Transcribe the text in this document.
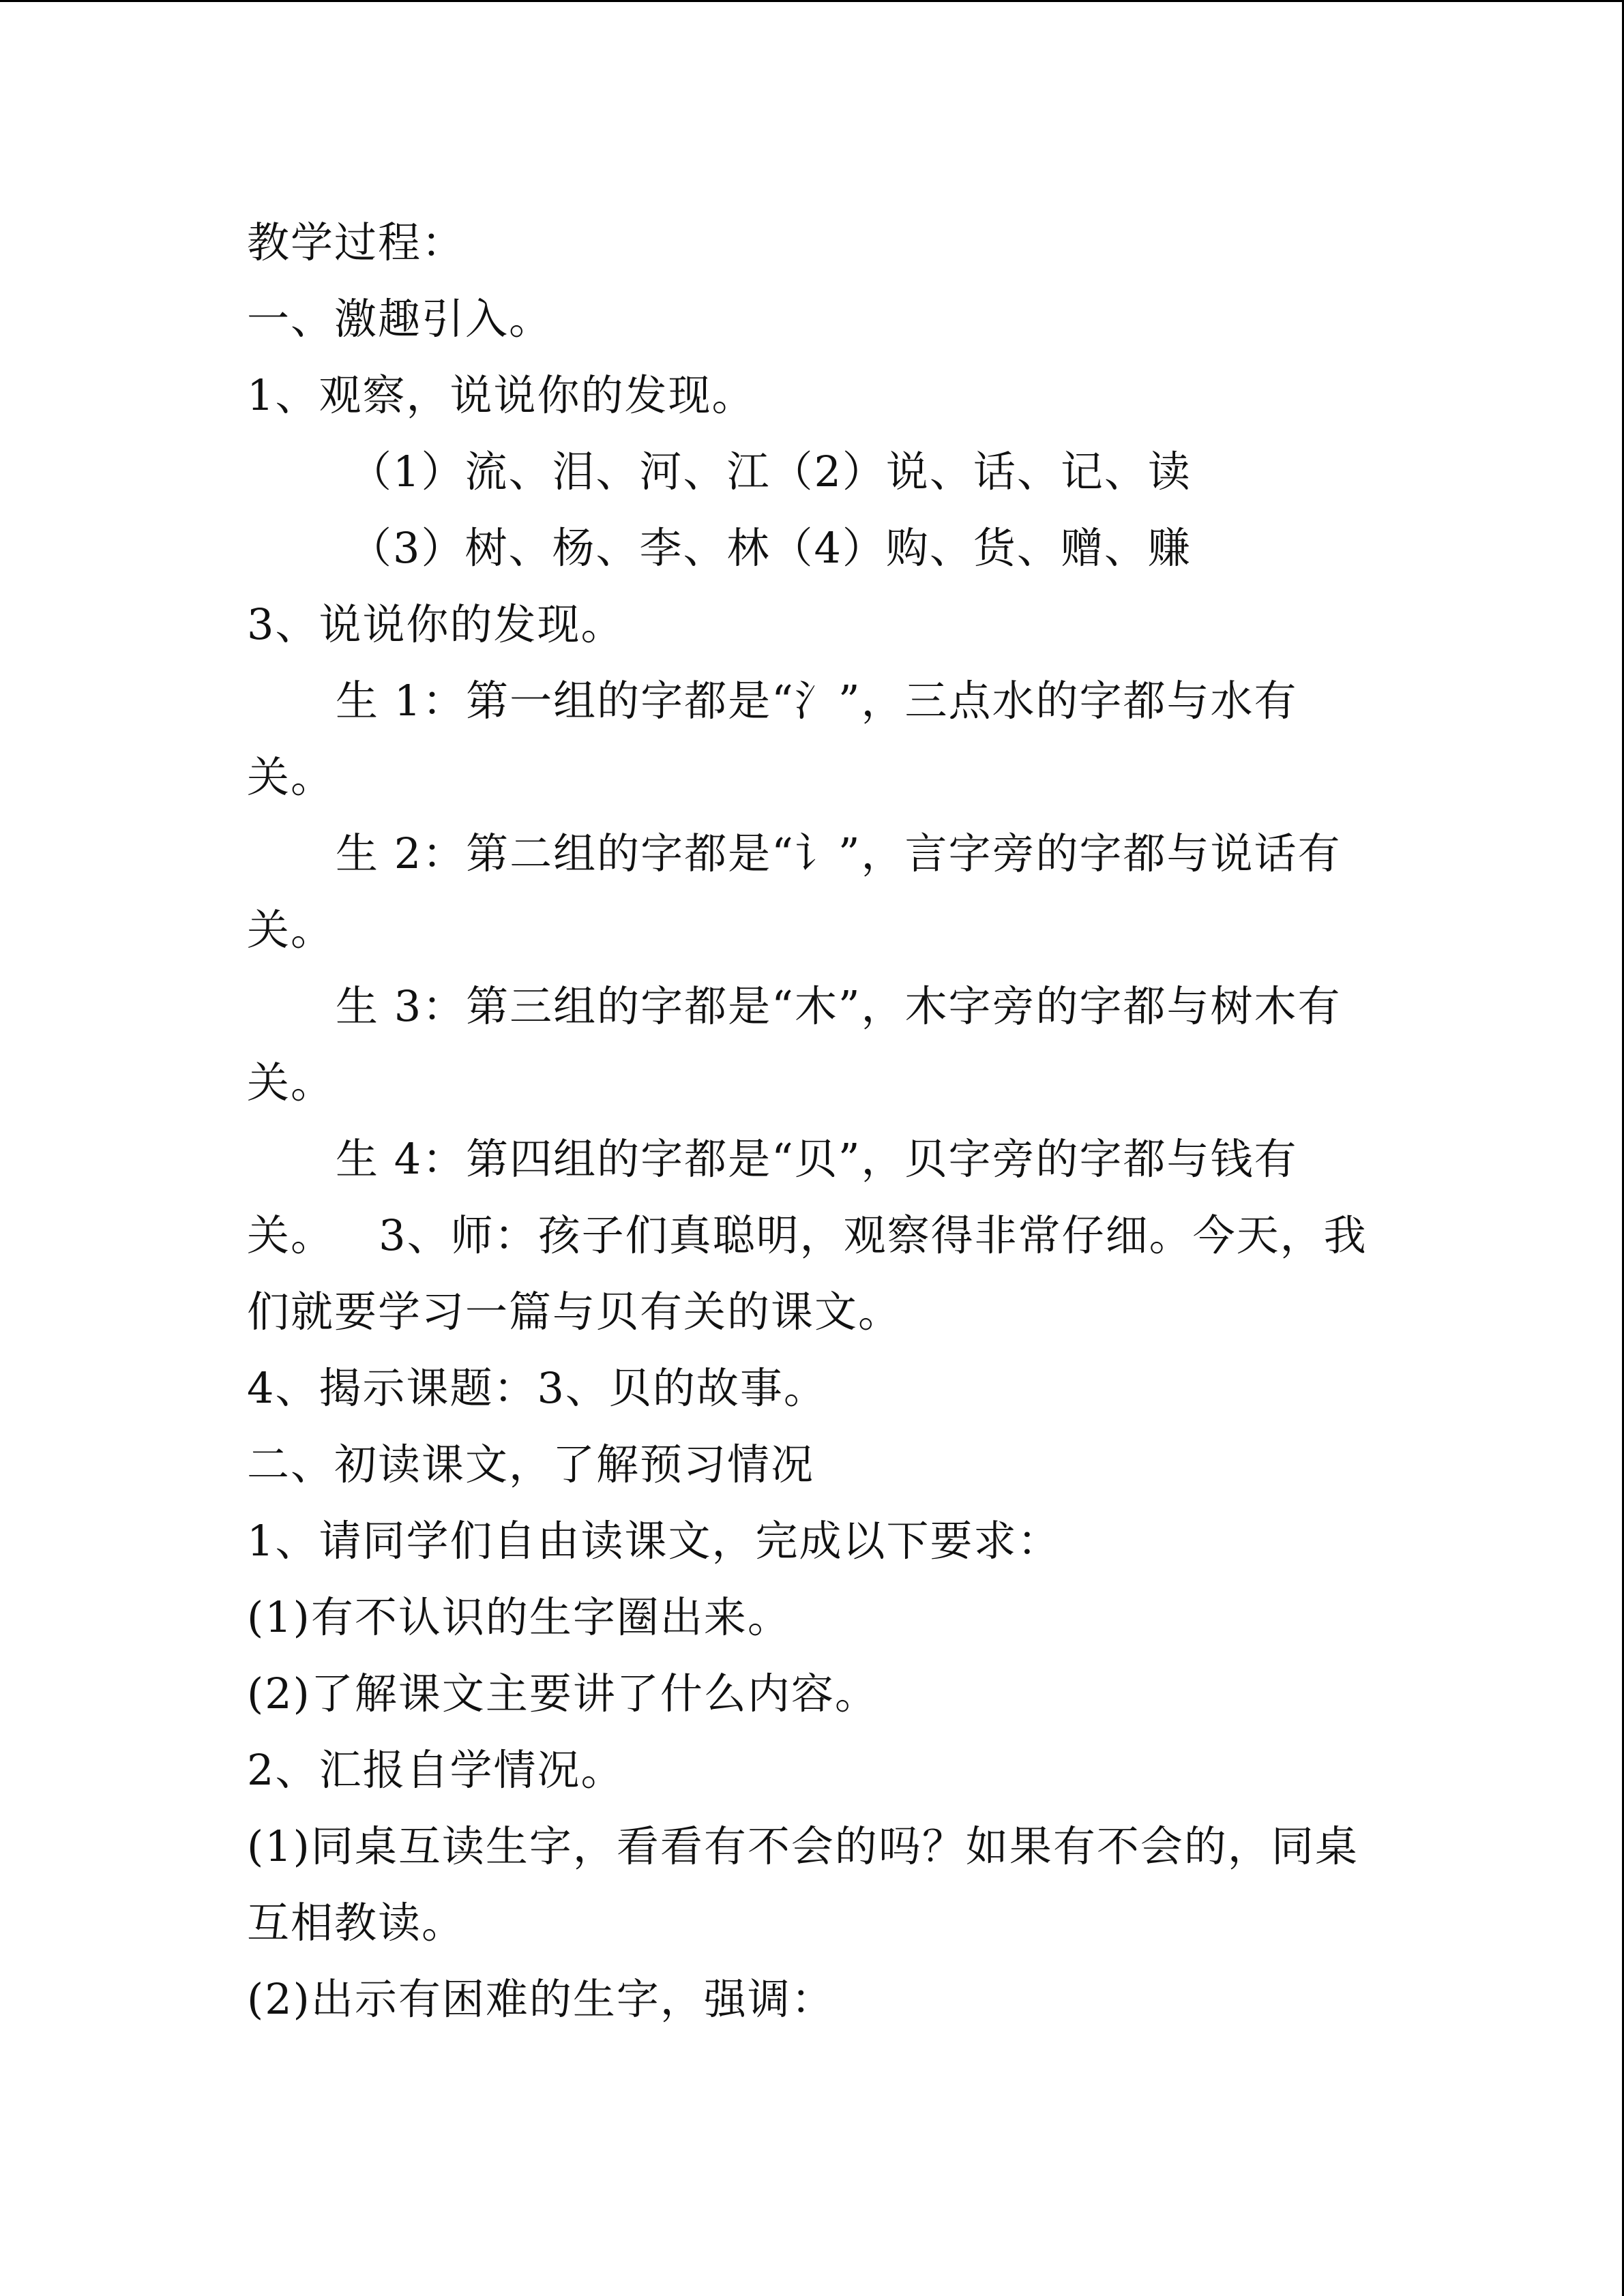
教学过程：
一、激趣引入。
1、观察，说说你的发现。
（1）流、泪、河、江（2）说、话、记、读
（3）树、杨、李、林（4）购、货、赠、赚
3、说说你的发现。
生 1：第一组的字都是“氵”，三点水的字都与水有
关。
生 2：第二组的字都是“讠”，言字旁的字都与说话有
关。
生 3：第三组的字都是“木”，木字旁的字都与树木有
关。
生 4：第四组的字都是“贝”，贝字旁的字都与钱有
关。   3、师：孩子们真聪明，观察得非常仔细。今天，我
们就要学习一篇与贝有关的课文。
4、揭示课题：3、贝的故事。
二、初读课文，了解预习情况
1、请同学们自由读课文，完成以下要求：
(1)有不认识的生字圈出来。
(2)了解课文主要讲了什么内容。
2、汇报自学情况。
(1)同桌互读生字，看看有不会的吗？如果有不会的，同桌
互相教读。
(2)出示有困难的生字，强调：
